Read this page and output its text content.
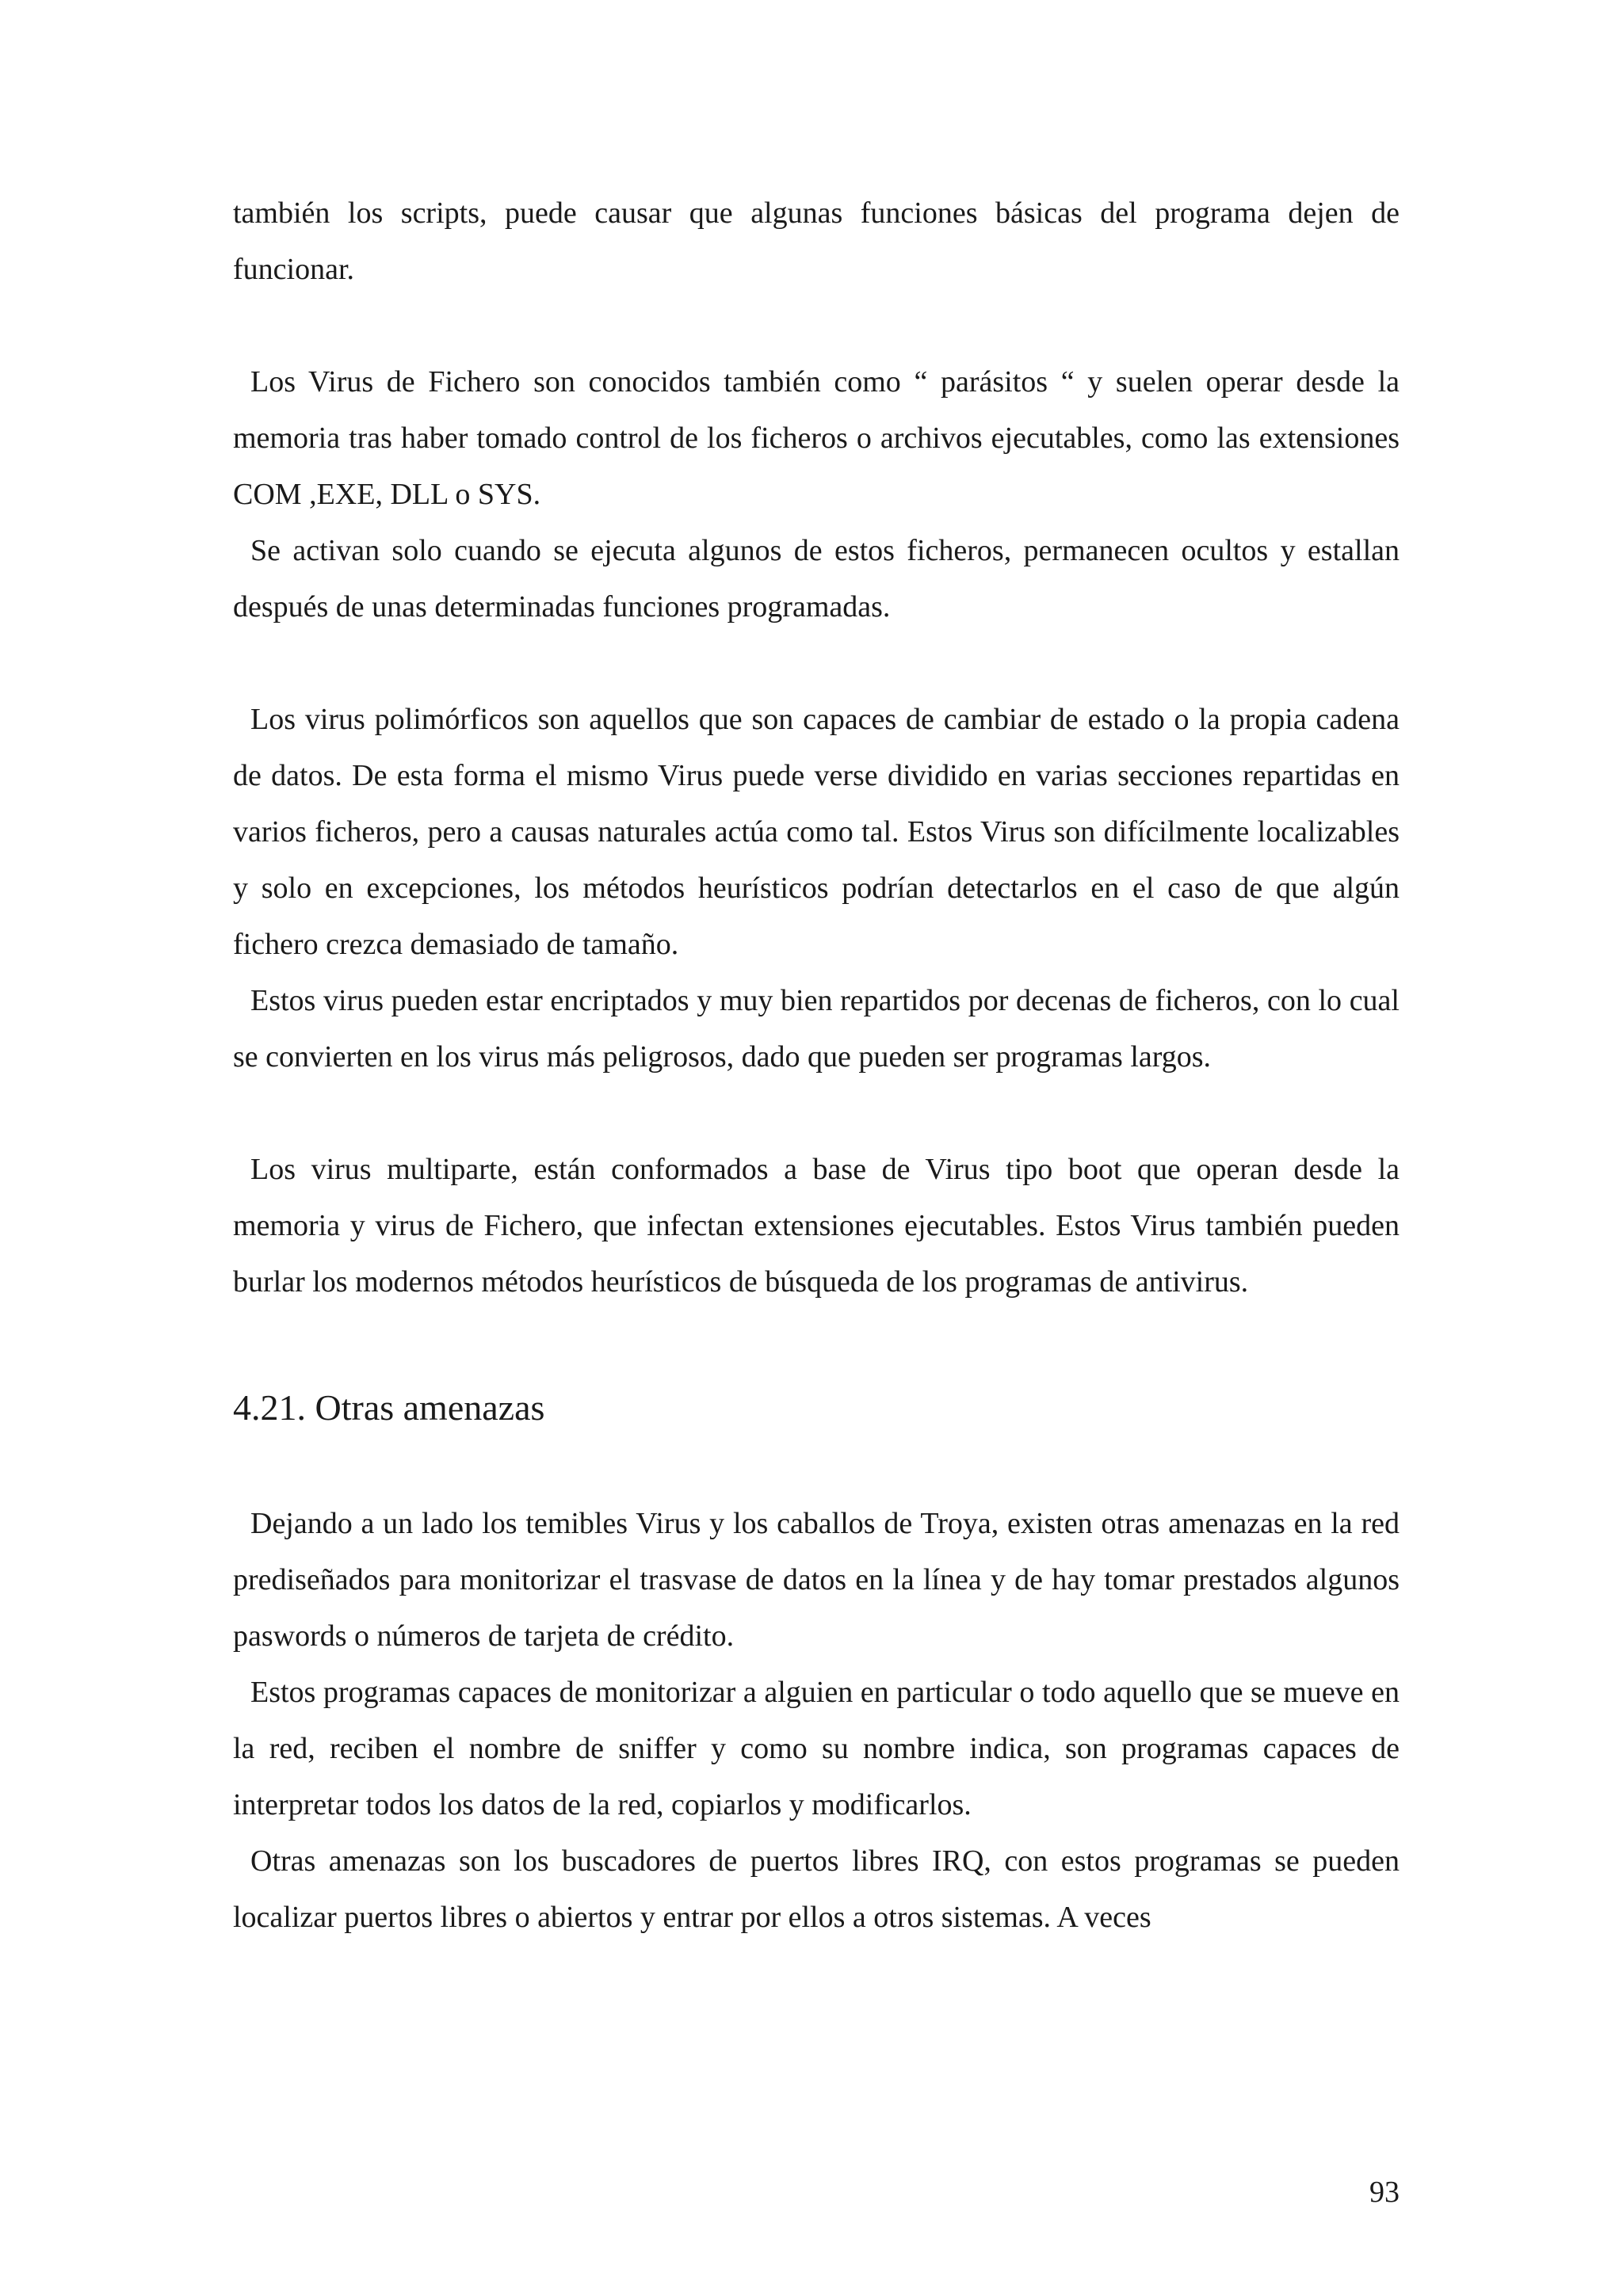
también los scripts, puede causar que algunas funciones básicas del programa dejen de funcionar.

Los Virus de Fichero son conocidos también como “ parásitos “ y suelen operar desde la memoria tras haber tomado control de los ficheros o archivos ejecutables, como las extensiones COM ,EXE, DLL o SYS.

Se activan solo cuando se ejecuta algunos de estos ficheros, permanecen ocultos y estallan después de unas determinadas funciones programadas.

Los virus polimórficos son aquellos que son capaces de cambiar de estado o la propia cadena de datos. De esta forma el mismo Virus puede verse dividido en varias secciones repartidas en varios ficheros, pero a causas naturales actúa como tal. Estos Virus son difícilmente localizables y solo en excepciones, los métodos heurísticos podrían detectarlos en el caso de que algún fichero crezca demasiado de tamaño.

Estos virus pueden estar encriptados y muy bien repartidos por decenas de ficheros, con lo cual se convierten en los virus más peligrosos, dado que pueden ser programas largos.

Los virus multiparte, están conformados a base de Virus tipo boot que operan desde la memoria y virus de Fichero, que infectan extensiones ejecutables. Estos Virus también pueden burlar los modernos métodos heurísticos de búsqueda de los programas de antivirus.

4.21. Otras amenazas

Dejando a un lado los temibles Virus y los caballos de Troya, existen otras amenazas en la red prediseñados para monitorizar el trasvase de datos en la línea y de hay tomar prestados algunos paswords o números de tarjeta de crédito.

Estos programas capaces de monitorizar a alguien en particular o todo aquello que se mueve en la red, reciben el nombre de sniffer y como su nombre indica, son programas capaces de interpretar todos los datos de la red, copiarlos y modificarlos.

Otras amenazas son los buscadores de puertos libres IRQ, con estos programas se pueden localizar puertos libres o abiertos y entrar por ellos a otros sistemas. A veces

93
